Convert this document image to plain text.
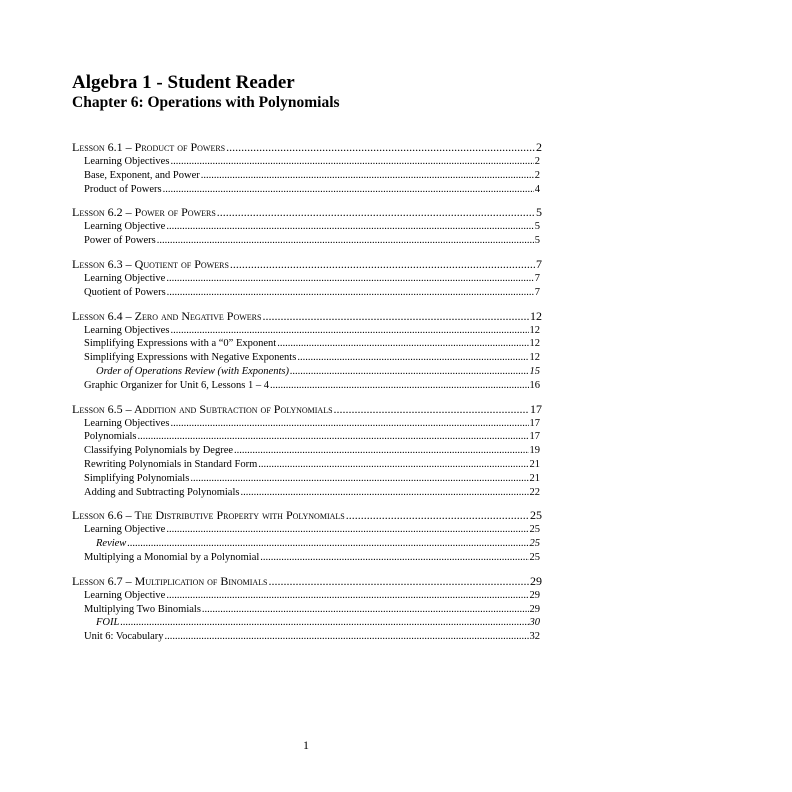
Algebra 1 - Student Reader
Chapter 6: Operations with Polynomials
Lesson 6.1 – Product of Powers .....	2
Learning Objectives .....	2
Base, Exponent, and Power .....	2
Product of Powers .....	4
Lesson 6.2 – Power of Powers .....	5
Learning Objective .....	5
Power of Powers .....	5
Lesson 6.3 – Quotient of Powers .....	7
Learning Objective .....	7
Quotient of Powers .....	7
Lesson 6.4 – Zero and Negative Powers .....	12
Learning Objectives .....	12
Simplifying Expressions with a “0” Exponent .....	12
Simplifying Expressions with Negative Exponents .....	12
Order of Operations Review (with Exponents) .....	15
Graphic Organizer for Unit 6, Lessons 1 – 4 .....	16
Lesson 6.5 – Addition and Subtraction of Polynomials .....	17
Learning Objectives .....	17
Polynomials .....	17
Classifying Polynomials by Degree .....	19
Rewriting Polynomials in Standard Form .....	21
Simplifying Polynomials .....	21
Adding and Subtracting Polynomials .....	22
Lesson 6.6 – The Distributive Property with Polynomials .....	25
Learning Objective .....	25
Review .....	25
Multiplying a Monomial by a Polynomial .....	25
Lesson 6.7 – Multiplication of Binomials .....	29
Learning Objective .....	29
Multiplying Two Binomials .....	29
FOIL .....	30
Unit 6: Vocabulary .....	32
1
